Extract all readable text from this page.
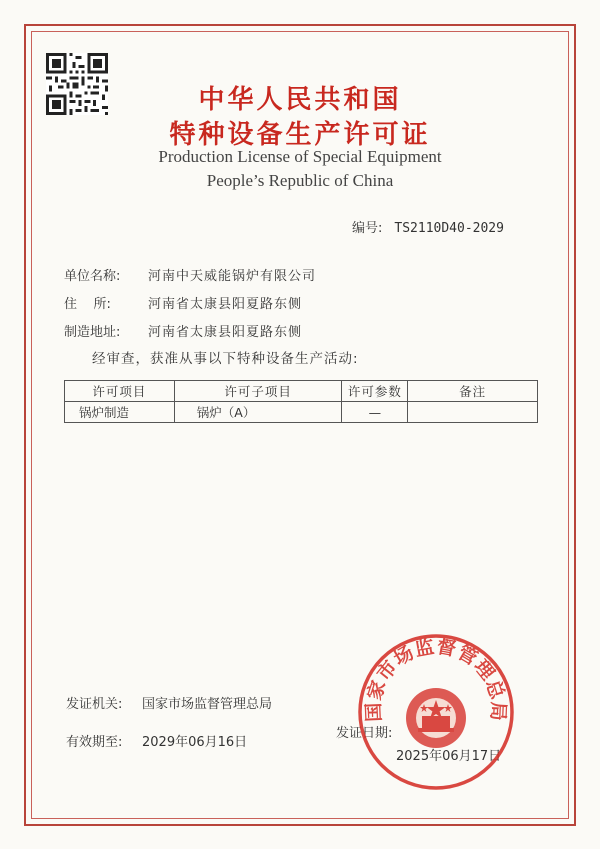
中华人民共和国
特种设备生产许可证
Production License of Special Equipment
People’s Republic of China
编号: TS2110D40-2029
单位名称: 河南中天威能锅炉有限公司
住    所:	河南省太康县阳夏路东侧
制造地址: 河南省太康县阳夏路东侧
经审查，获准从事以下特种设备生产活动:
许可项目	许可子项目	许可参数	备注
锅炉制造	锅炉（A）	—	
发证机关: 国家市场监督管理总局
有效期至: 2029年06月16日
发证日期:
2025年06月17日
国家市场监督管理总局
